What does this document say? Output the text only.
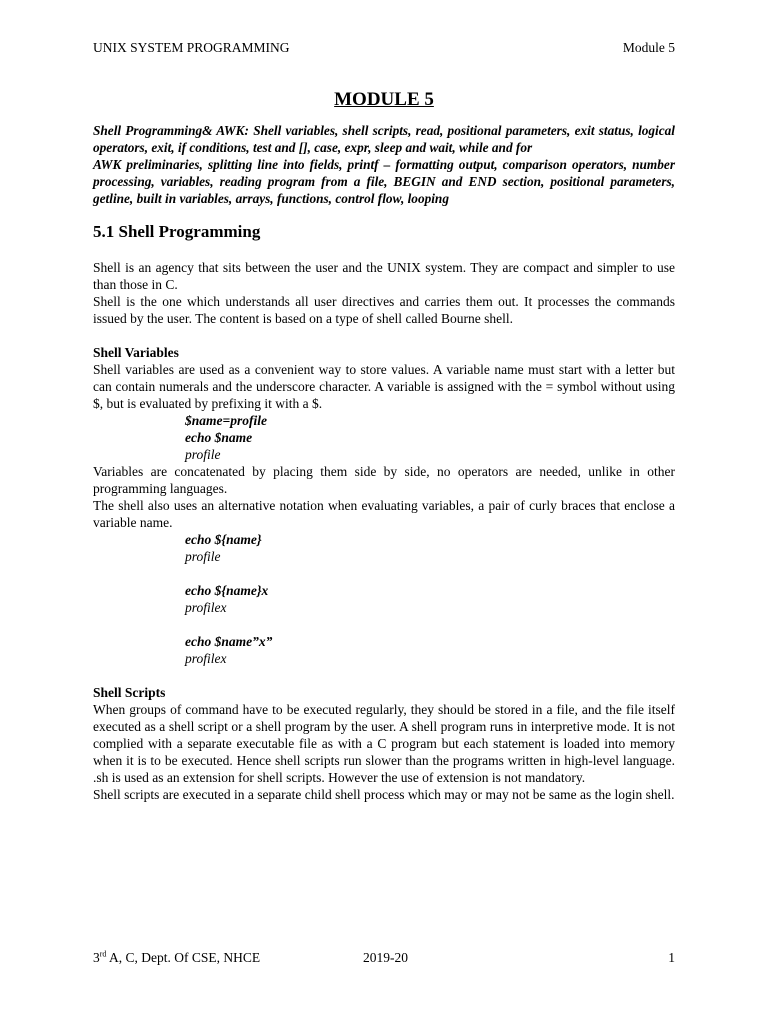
UNIX SYSTEM PROGRAMMING	Module 5
MODULE 5

Shell Programming& AWK: Shell variables, shell scripts, read, positional parameters, exit status, logical operators, exit, if conditions, test and [], case, expr, sleep and wait, while and for

AWK preliminaries, splitting line into fields, printf – formatting output, comparison operators, number processing, variables, reading program from a file, BEGIN and END section, positional parameters, getline, built in variables, arrays, functions, control flow, looping

5.1 Shell Programming

Shell is an agency that sits between the user and the UNIX system. They are compact and simpler to use than those in C.

Shell is the one which understands all user directives and carries them out. It processes the commands issued by the user. The content is based on a type of shell called Bourne shell.

Shell Variables

Shell variables are used as a convenient way to store values. A variable name must start with a letter but can contain numerals and the underscore character. A variable is assigned with the = symbol without using $, but is evaluated by prefixing it with a $.

$name=profile
echo $name
profile

Variables are concatenated by placing them side by side, no operators are needed, unlike in other programming languages.

The shell also uses an alternative notation when evaluating variables, a pair of curly braces that enclose a variable name.

echo ${name}
profile
echo ${name}x
profilex
echo $name”x”
profilex

Shell Scripts

When groups of command have to be executed regularly, they should be stored in a file, and the file itself executed as a shell script or a shell program by the user. A shell program runs in interpretive mode. It is not complied with a separate executable file as with a C program but each statement is loaded into memory when it is to be executed. Hence shell scripts run slower than the programs written in high-level language. .sh is used as an extension for shell scripts. However the use of extension is not mandatory.

Shell scripts are executed in a separate child shell process which may or may not be same as the login shell.

3rd A, C, Dept. Of CSE, NHCE	2019-20	1
